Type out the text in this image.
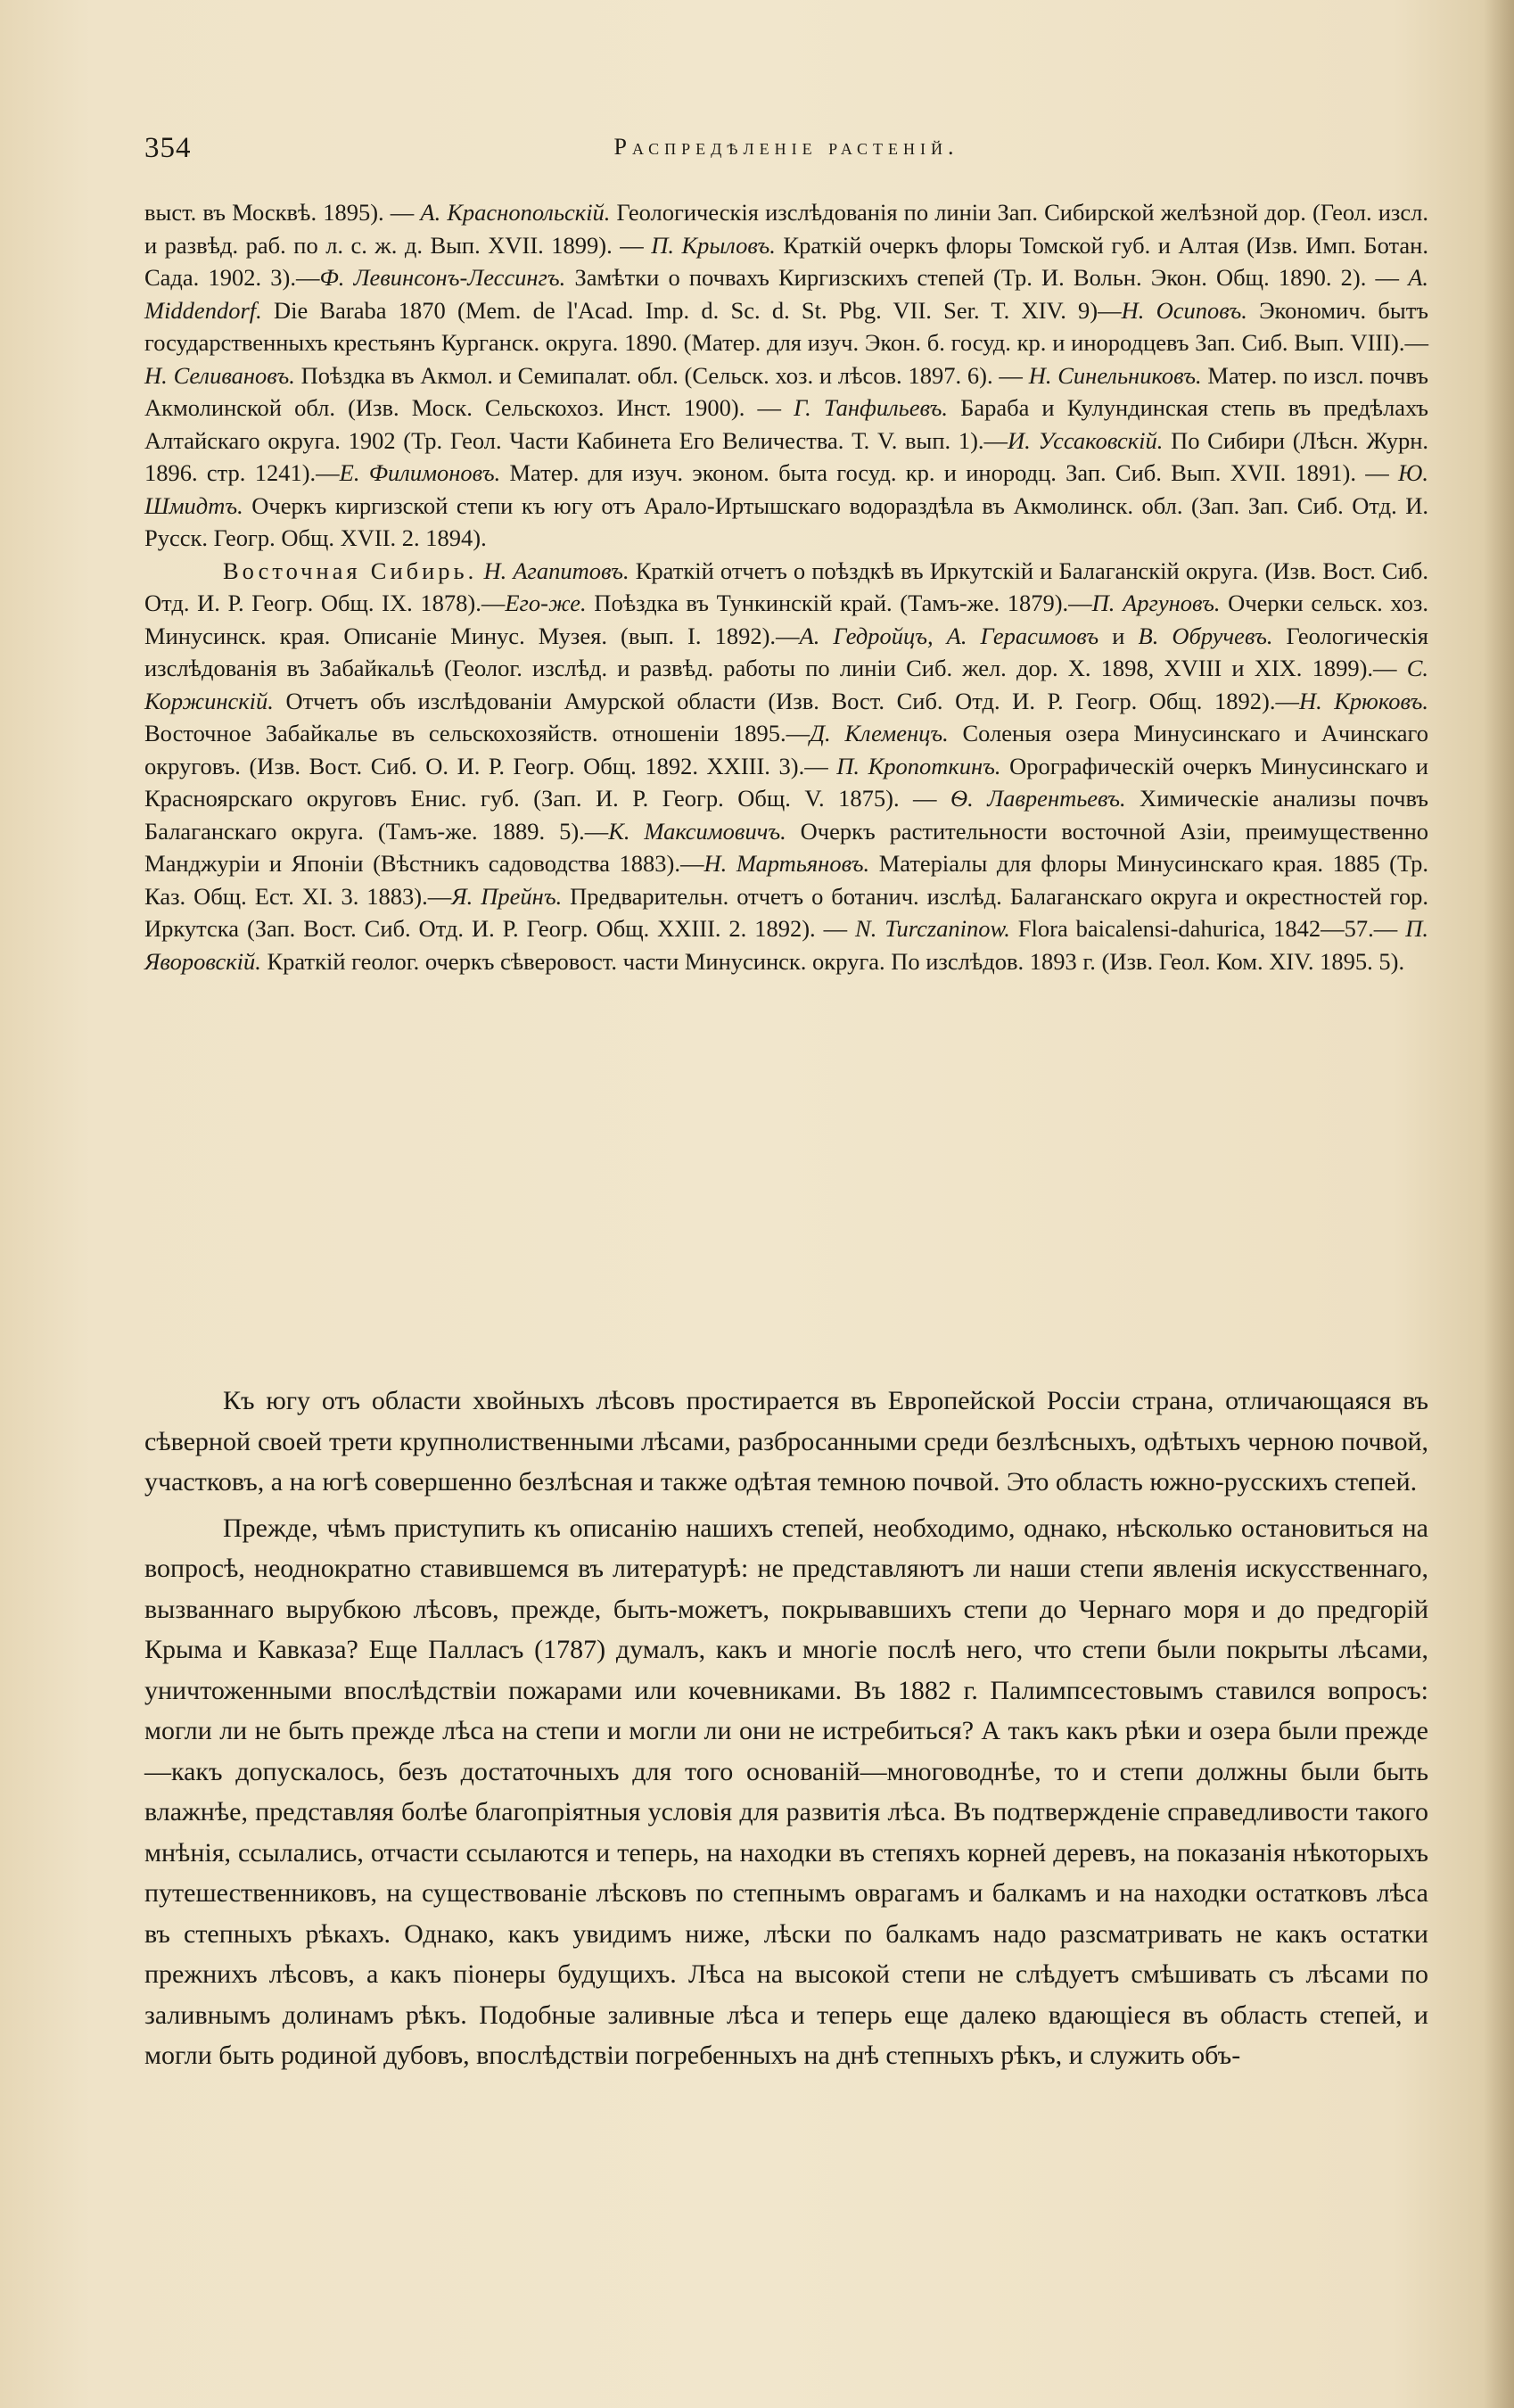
354	Распредѣленіе растеній.

выст. въ Москвѣ. 1895). — А. Краснопольскій. Геологическія изслѣдованія по линіи Зап. Сибирской желѣзной дор. (Геол. изсл. и развѣд. раб. по л. с. ж. д. Вып. XVII. 1899). — П. Крыловъ. Краткій очеркъ флоры Томской губ. и Алтая (Изв. Имп. Ботан. Сада. 1902. 3).—Ф. Левинсонъ-Лессингъ. Замѣтки о почвахъ Киргизскихъ степей (Тр. И. Вольн. Экон. Общ. 1890. 2). — А. Middendorf. Die Baraba 1870 (Mem. de l'Acad. Imp. d. Sc. d. St. Pbg. VII. Ser. T. XIV. 9)—Н. Осиповъ. Экономич. бытъ государственныхъ крестьянъ Курганск. округа. 1890. (Матер. для изуч. Экон. б. госуд. кр. и инородцевъ Зап. Сиб. Вып. VIII).— Н. Селивановъ. Поѣздка въ Акмол. и Семипалат. обл. (Сельск. хоз. и лѣсов. 1897. 6). — Н. Синельниковъ. Матер. по изсл. почвъ Акмолинской обл. (Изв. Моск. Сельскохоз. Инст. 1900). — Г. Танфильевъ. Бараба и Кулундинская степь въ предѣлахъ Алтайскаго округа. 1902 (Тр. Геол. Части Кабинета Его Величества. Т. V. вып. 1).—И. Уссаковскій. По Сибири (Лѣсн. Журн. 1896. стр. 1241).—Е. Филимоновъ. Матер. для изуч. эконом. быта госуд. кр. и инородц. Зап. Сиб. Вып. XVII. 1891). — Ю. Шмидтъ. Очеркъ киргизской степи къ югу отъ Арало-Иртышскаго водораздѣла въ Акмолинск. обл. (Зап. Зап. Сиб. Отд. И. Русск. Геогр. Общ. XVII. 2. 1894).
Восточная Сибирь. Н. Агапитовъ. Краткій отчетъ о поѣздкѣ въ Иркутскій и Балаганскій округа. (Изв. Вост. Сиб. Отд. И. Р. Геогр. Общ. IX. 1878).—Его-же. Поѣздка въ Тункинскій край. (Тамъ-же. 1879).—П. Аргуновъ. Очерки сельск. хоз. Минусинск. края. Описаніе Минус. Музея. (вып. I. 1892).—А. Гедройцъ, А. Герасимовъ и В. Обручевъ. Геологическія изслѣдованія въ Забайкальѣ (Геолог. изслѣд. и развѣд. работы по линіи Сиб. жел. дор. X. 1898, XVIII и XIX. 1899).— С. Коржинскій. Отчетъ объ изслѣдованіи Амурской области (Изв. Вост. Сиб. Отд. И. Р. Геогр. Общ. 1892).—Н. Крюковъ. Восточное Забайкалье въ сельскохозяйств. отношеніи 1895.—Д. Клеменцъ. Соленыя озера Минусинскаго и Ачинскаго округовъ. (Изв. Вост. Сиб. О. И. Р. Геогр. Общ. 1892. XXIII. 3).— П. Кропоткинъ. Орографическій очеркъ Минусинскаго и Красноярскаго округовъ Енис. губ. (Зап. И. Р. Геогр. Общ. V. 1875). — Ѳ. Лаврентьевъ. Химическіе анализы почвъ Балаганскаго округа. (Тамъ-же. 1889. 5).—К. Максимовичъ. Очеркъ растительности восточной Азіи, преимущественно Манджуріи и Японіи (Вѣстникъ садоводства 1883).—Н. Мартьяновъ. Матеріалы для флоры Минусинскаго края. 1885 (Тр. Каз. Общ. Ест. XI. 3. 1883).—Я. Прейнъ. Предварительн. отчетъ о ботанич. изслѣд. Балаганскаго округа и окрестностей гор. Иркутска (Зап. Вост. Сиб. Отд. И. Р. Геогр. Общ. XXIII. 2. 1892). — N. Turczaninow. Flora baicalensi-dahurica, 1842—57.— П. Яворовскій. Краткій геолог. очеркъ сѣверовост. части Минусинск. округа. По изслѣдов. 1893 г. (Изв. Геол. Ком. XIV. 1895. 5).

Къ югу отъ области хвойныхъ лѣсовъ простирается въ Европейской Россіи страна, отличающаяся въ сѣверной своей трети крупнолиственными лѣсами, разбросанными среди безлѣсныхъ, одѣтыхъ черною почвой, участковъ, а на югѣ совершенно безлѣсная и также одѣтая темною почвой. Это область южно-русскихъ степей.

Прежде, чѣмъ приступить къ описанію нашихъ степей, необходимо, однако, нѣсколько остановиться на вопросѣ, неоднократно ставившемся въ литературѣ: не представляютъ ли наши степи явленія искусственнаго, вызваннаго вырубкою лѣсовъ, прежде, быть-можетъ, покрывавшихъ степи до Чернаго моря и до предгорій Крыма и Кавказа? Еще Палласъ (1787) думалъ, какъ и многіе послѣ него, что степи были покрыты лѣсами, уничтоженными впослѣдствіи пожарами или кочевниками. Въ 1882 г. Палимпсестовымъ ставился вопросъ: могли ли не быть прежде лѣса на степи и могли ли они не истребиться? А такъ какъ рѣки и озера были прежде—какъ допускалось, безъ достаточныхъ для того основаній—многоводнѣе, то и степи должны были быть влажнѣе, представляя болѣе благопріятныя условія для развитія лѣса. Въ подтвержденіе справедливости такого мнѣнія, ссылались, отчасти ссылаются и теперь, на находки въ степяхъ корней деревъ, на показанія нѣкоторыхъ путешественниковъ, на существованіе лѣсковъ по степнымъ оврагамъ и балкамъ и на находки остатковъ лѣса въ степныхъ рѣкахъ. Однако, какъ увидимъ ниже, лѣски по балкамъ надо разсматривать не какъ остатки прежнихъ лѣсовъ, а какъ піонеры будущихъ. Лѣса на высокой степи не слѣдуетъ смѣшивать съ лѣсами по заливнымъ долинамъ рѣкъ. Подобные заливные лѣса и теперь еще далеко вдающіеся въ область степей, и могли быть родиной дубовъ, впослѣдствіи погребенныхъ на днѣ степныхъ рѣкъ, и служить объ-
